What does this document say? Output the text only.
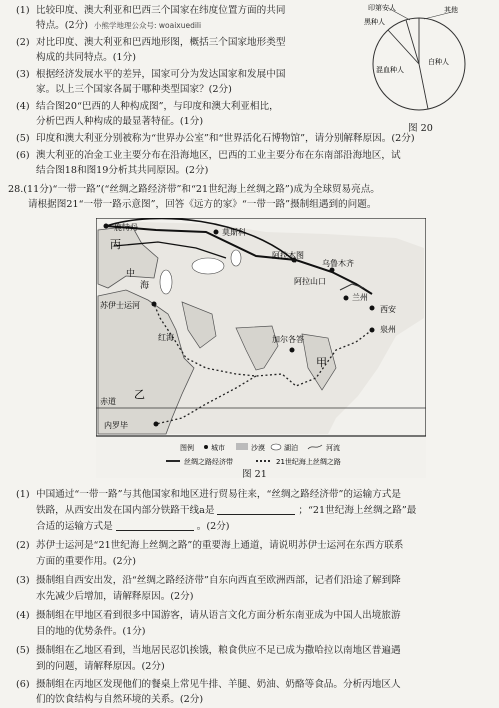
(1) 比较印度、澳大利亚和巴西三个国家在纬度位置方面的共同
特点。(2分) 小熊学地理公众号: woaixuedili
(2) 对比印度、澳大利亚和巴西地形图，概括三个国家地形类型
构成的共同特点。(1分)
(3) 根据经济发展水平的差异，国家可分为发达国家和发展中国
家。以上三个国家各属于哪种类型国家？(2分)
(4) 结合图20“巴西的人种构成图”，与印度和澳大利亚相比，
分析巴西人种构成的最显著特征。(1分)
(5) 印度和澳大利亚分别被称为“世界办公室”和“世界活化石博物馆”，请分别解释原因。(2分)
(6) 澳大利亚的冶金工业主要分布在沿海地区，巴西的工业主要分布在东南部沿海地区，试
结合图18和图19分析其共同原因。(2分)
印第安人	其他
黑种人
混血种人
白种人
图 20
28.(11分)“一带一路”(“丝绸之路经济带”和“21世纪海上丝绸之路”)成为全球贸易亮点。
请根据图21“一带一路示意图”，回答《远方的家》“一带一路”摄制组遇到的问题。
鹿特丹
莫斯科
丙
阿拉木图
乌鲁木齐
中
海
苏伊士运河
阿拉山口
兰州
西安
泉州
红海	加尔各答
甲
乙
赤道
内罗毕
图例 城市	沙漠	湖泊	河流
丝绸之路经济带	21世纪海上丝绸之路
图 21
(1) 中国通过“一带一路”与其他国家和地区进行贸易往来，“丝绸之路经济带”的运输方式是
铁路，从西安出发在国内部分铁路干线a是	；“21世纪海上丝绸之路”最
合适的运输方式是	。(2分)
(2) 苏伊士运河是“21世纪海上丝绸之路”的重要海上通道，请说明苏伊士运河在东西方联系
方面的重要作用。(2分)
(3) 摄制组自西安出发，沿“丝绸之路经济带”自东向西直至欧洲西部，记者们沿途了解到降
水先减少后增加，请解释原因。(2分)
(4) 摄制组在甲地区看到很多中国游客，请从语言文化方面分析东南亚成为中国人出境旅游
目的地的优势条件。(1分)
(5) 摄制组在乙地区看到，当地居民忍饥挨饿，粮食供应不足已成为撒哈拉以南地区普遍遇
到的问题，请解释原因。(2分)
(6) 摄制组在丙地区发现他们的餐桌上常见牛排、羊腿、奶油、奶酪等食品。分析丙地区人
们的饮食结构与自然环境的关系。(2分)
